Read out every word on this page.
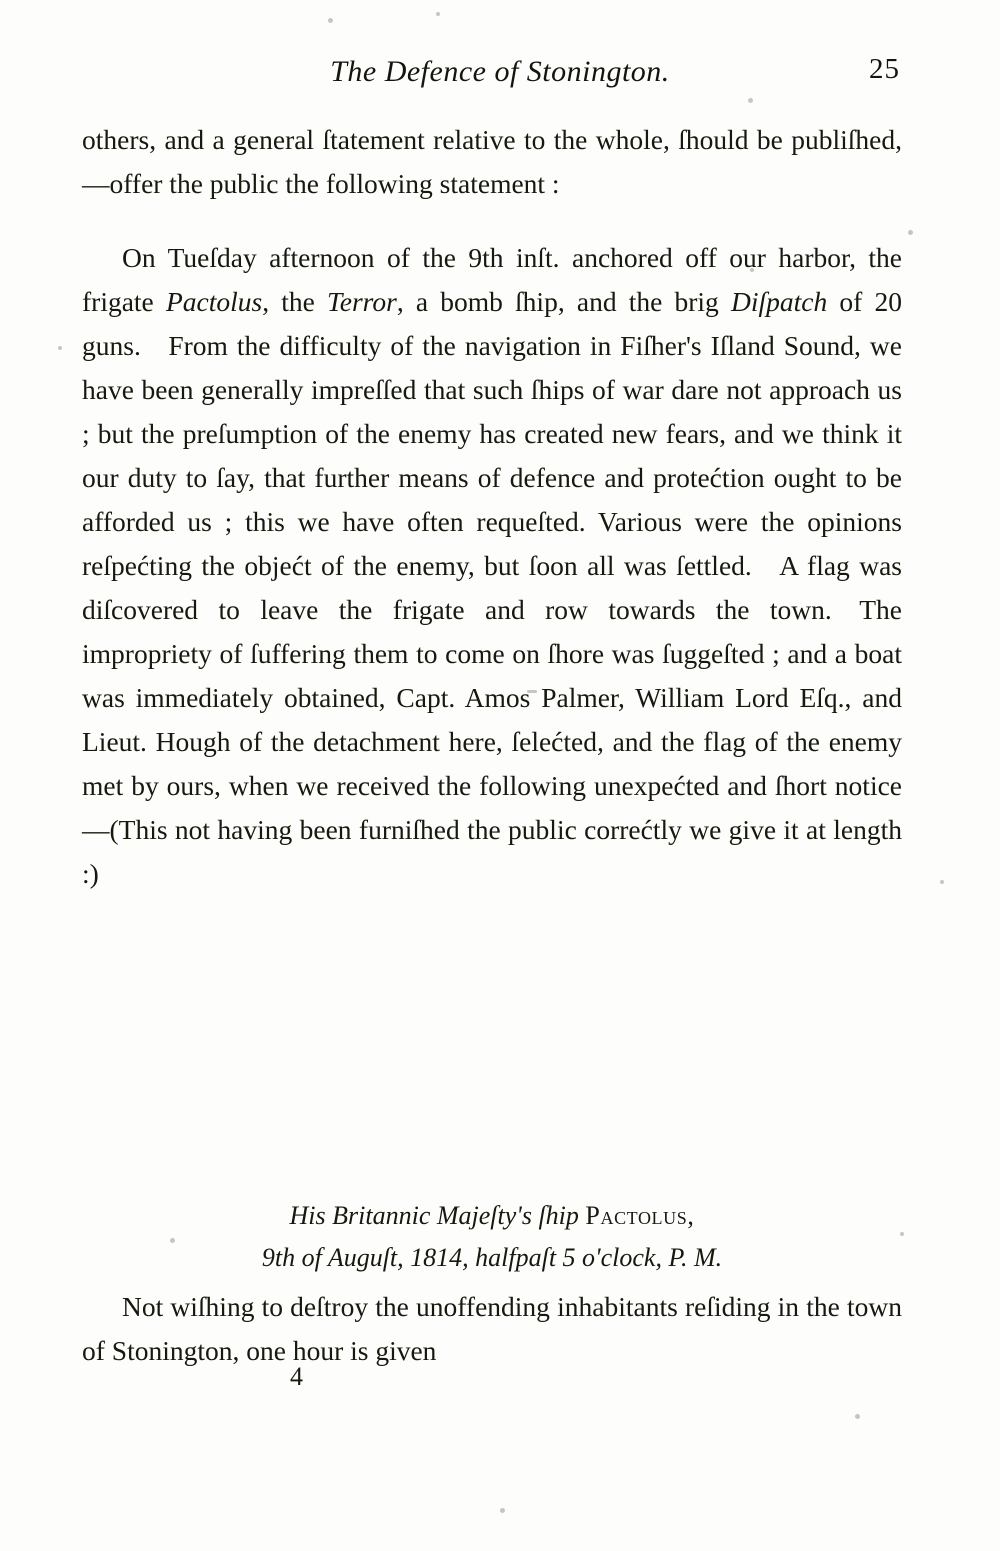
The Defence of Stonington.	25

others, and a general ſtatement relative to the whole, ſhould be publiſhed,—offer the public the following statement :

On Tueſday afternoon of the 9th inſt. anchored off our harbor, the frigate Pactolus, the Terror, a bomb ſhip, and the brig Diſpatch of 20 guns. From the difficulty of the navigation in Fiſher's Iſland Sound, we have been generally impreſſed that such ſhips of war dare not approach us ; but the preſumption of the enemy has created new fears, and we think it our duty to ſay, that further means of defence and protećtion ought to be afforded us ; this we have often requeſted. Various were the opinions reſpećting the objećt of the enemy, but ſoon all was ſettled. A flag was diſcovered to leave the frigate and row towards the town. The impropriety of ſuffering them to come on ſhore was ſuggeſted ; and a boat was immediately obtained, Capt. Amos Palmer, William Lord Eſq., and Lieut. Hough of the detachment here, ſelećted, and the flag of the enemy met by ours, when we received the following unexpećted and ſhort notice—(This not having been furniſhed the public correćtly we give it at length :)

His Britannic Majeſty's ſhip Pactolus,
9th of Auguſt, 1814, halfpaſt 5 o'clock, P. M.

Not wiſhing to deſtroy the unoffending inhabitants reſiding in the town of Stonington, one hour is given

4
